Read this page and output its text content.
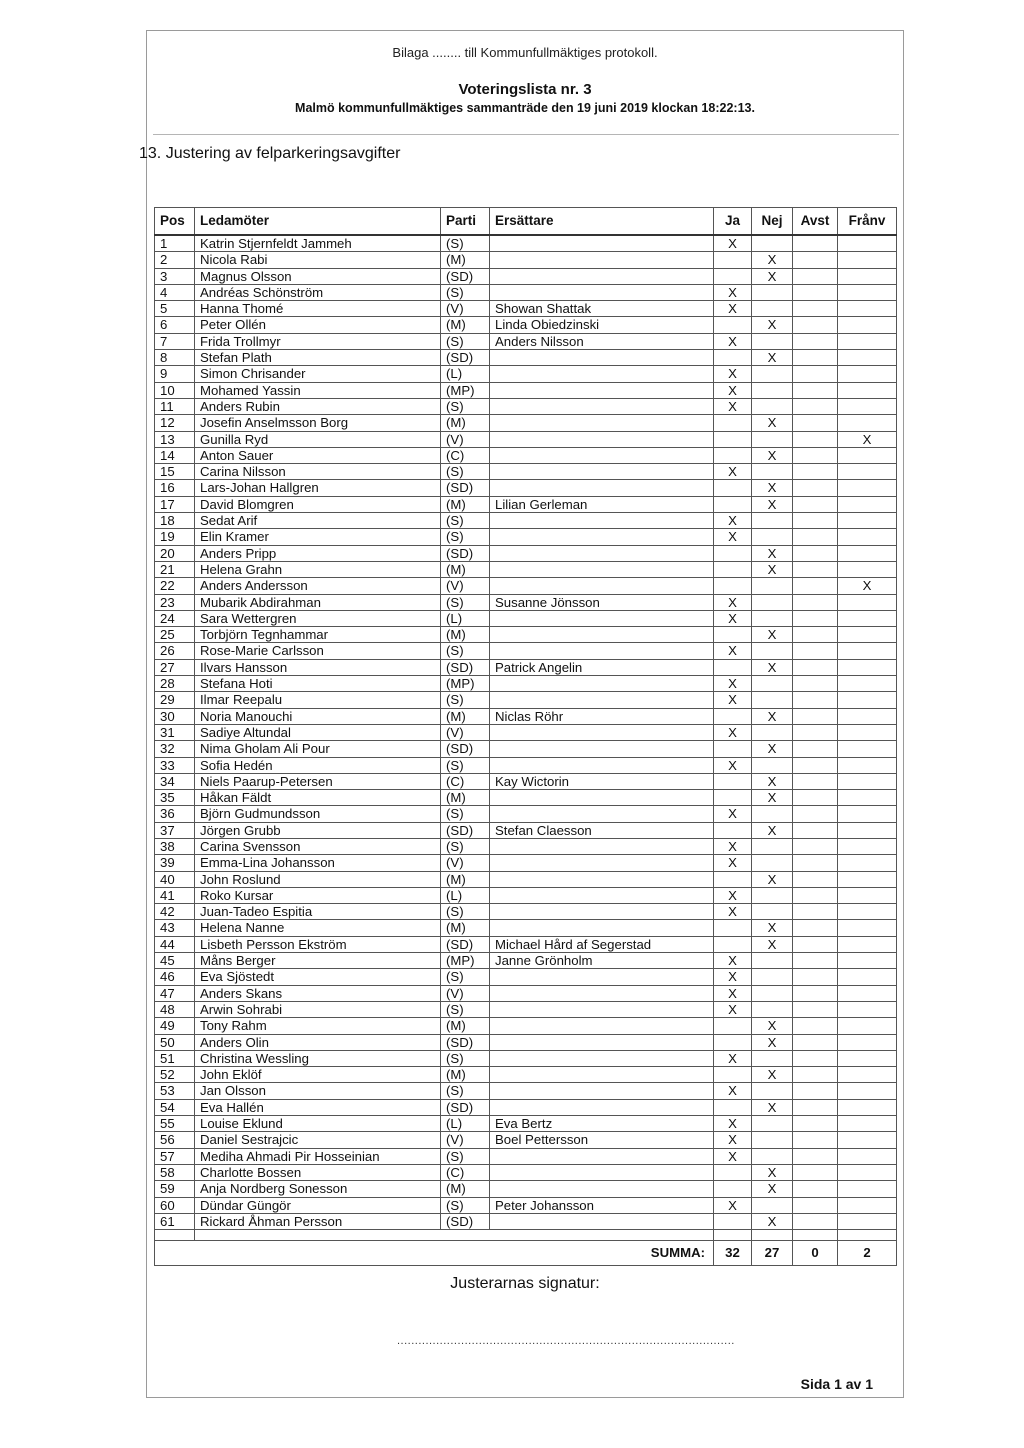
Bilaga ........ till Kommunfullmäktiges protokoll.
Voteringslista nr. 3
Malmö kommunfullmäktiges sammanträde den 19 juni 2019 klockan 18:22:13.
13. Justering av felparkeringsavgifter
Pos	Ledamöter	Parti	Ersättare	Ja	Nej	Avst	Frånv
1	Katrin Stjernfeldt Jammeh	(S)		X			
2	Nicola Rabi	(M)			X		
3	Magnus Olsson	(SD)			X		
4	Andréas Schönström	(S)		X			
5	Hanna Thomé	(V)	Showan Shattak	X			
6	Peter Ollén	(M)	Linda Obiedzinski		X		
7	Frida Trollmyr	(S)	Anders Nilsson	X			
8	Stefan Plath	(SD)			X		
9	Simon Chrisander	(L)		X			
10	Mohamed Yassin	(MP)		X			
11	Anders Rubin	(S)		X			
12	Josefin Anselmsson Borg	(M)			X		
13	Gunilla Ryd	(V)					X
14	Anton Sauer	(C)			X		
15	Carina Nilsson	(S)		X			
16	Lars-Johan Hallgren	(SD)			X		
17	David Blomgren	(M)	Lilian Gerleman		X		
18	Sedat Arif	(S)		X			
19	Elin Kramer	(S)		X			
20	Anders Pripp	(SD)			X		
21	Helena Grahn	(M)			X		
22	Anders Andersson	(V)					X
23	Mubarik Abdirahman	(S)	Susanne Jönsson	X			
24	Sara Wettergren	(L)		X			
25	Torbjörn Tegnhammar	(M)			X		
26	Rose-Marie Carlsson	(S)		X			
27	Ilvars Hansson	(SD)	Patrick Angelin		X		
28	Stefana Hoti	(MP)		X			
29	Ilmar Reepalu	(S)		X			
30	Noria Manouchi	(M)	Niclas Röhr		X		
31	Sadiye Altundal	(V)		X			
32	Nima Gholam Ali Pour	(SD)			X		
33	Sofia Hedén	(S)		X			
34	Niels Paarup-Petersen	(C)	Kay Wictorin		X		
35	Håkan Fäldt	(M)			X		
36	Björn Gudmundsson	(S)		X			
37	Jörgen Grubb	(SD)	Stefan Claesson		X		
38	Carina Svensson	(S)		X			
39	Emma-Lina Johansson	(V)		X			
40	John Roslund	(M)			X		
41	Roko Kursar	(L)		X			
42	Juan-Tadeo Espitia	(S)		X			
43	Helena Nanne	(M)			X		
44	Lisbeth Persson Ekström	(SD)	Michael Hård af Segerstad		X		
45	Måns Berger	(MP)	Janne Grönholm	X			
46	Eva Sjöstedt	(S)		X			
47	Anders Skans	(V)		X			
48	Arwin Sohrabi	(S)		X			
49	Tony Rahm	(M)			X		
50	Anders Olin	(SD)			X		
51	Christina Wessling	(S)		X			
52	John Eklöf	(M)			X		
53	Jan Olsson	(S)		X			
54	Eva Hallén	(SD)			X		
55	Louise Eklund	(L)	Eva Bertz	X			
56	Daniel Sestrajcic	(V)	Boel Pettersson	X			
57	Mediha Ahmadi Pir Hosseinian	(S)		X			
58	Charlotte Bossen	(C)			X		
59	Anja Nordberg Sonesson	(M)			X		
60	Dündar Güngör	(S)	Peter Johansson	X			
61	Rickard Åhman Persson	(SD)			X		

SUMMA:				32	27	0	2
Justerarnas signatur:
...............................................................................................
Sida 1 av 1
